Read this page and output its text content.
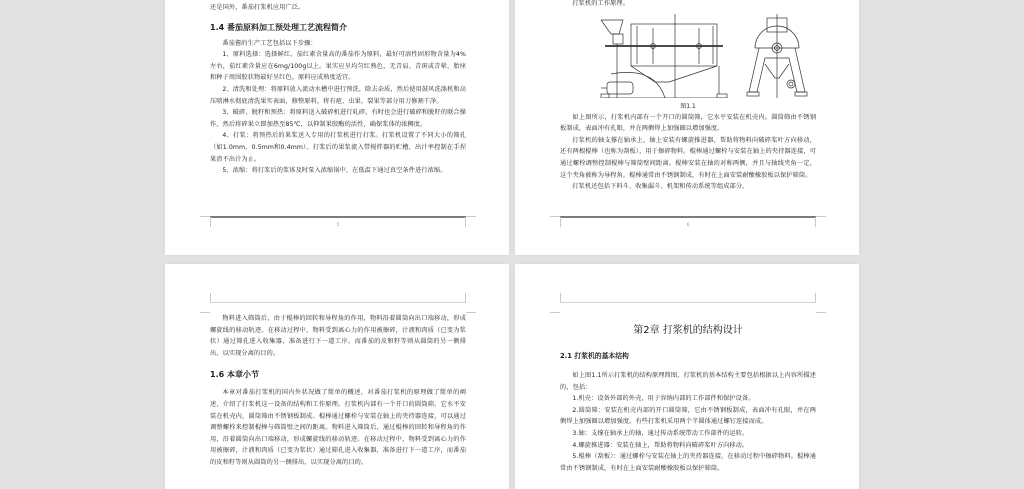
还是国外，番茄打浆机应用广泛。

1.4 番茄原料加工预处理工艺流程简介

番茄酱的生产工艺包括以下步骤：

1、原料选择：选择鲜红、茄红素含量高的番茄作为原料，最好可溶性固形物含量为4%左右，茄红素含量应在6mg/100g以上。果实应呈均匀红熟色，无青肩、青斑或青晕，胎座和种子周围胶状物最好呈红色。原料应成熟度适宜。

2、清洗和处理：将原料放入流动水槽中进行预洗，除去杂质，然后使用鼓风洗涤机和高压喷淋水彻底清洗果实表面，修整原料，将有疤、虫果、裂果等部分用刀修割干净。

3、破碎、脱籽和预热：将原料送入破碎机进行轧碎，有时也会进行破碎和脱籽的联合操作，然后将碎果立即加热至85℃，以抑制果胶酶的活性，确保浆体的浓稠度。

4、打浆：将预热后的果浆送入专用的打浆机进行打浆。打浆机设置了不同大小的筛孔（如1.0mm、0.5mm和0.4mm）。打浆后的果浆流入带搅拌器的贮槽，出汁率控制在手捏果渣不出汁为止。

5、浓缩：将打浆后的浆体及时泵入浓缩锅中，在低温下通过真空条件进行浓缩。

5

打浆机的工作原理。

图1.1

如上图所示，打浆机内部有一个开口的圆筒筛，它水平安装在机壳内。圆筒筛由不锈钢板制成，表面冲有孔眼，并在两侧焊上加强圈以增加强度。

打浆机的轴支撑在轴承上，轴上安装有螺旋推进器，帮助将物料向破碎桨叶方向移动，还有两根棍棒（也称为刮板），用于擦碎物料。棍棒通过螺栓与安装在轴上的夹持器连接，可通过螺栓调整控制棍棒与筛筒壁间距离。棍棒安装在轴的对称两侧，并且与轴线夹角一定，这个夹角被称为导程角。棍棒通常由不锈钢制成，有时在上面安装耐酸橡胶板以保护筛筒。

打浆机还包括下料斗、收集漏斗、机架和传动系统等组成部分。

6

物料进入筛筒后，由于棍棒的回转和导程角的作用，物料沿着圆筒向出口端移动，形成螺旋线的移动轨迹。在移动过程中，物料受到离心力的作用被擦碎，汁液和肉质（已变为浆状）通过筛孔进入收集器，准备进行下一道工序。而番茄的皮和籽等则从圆筒的另一侧排出，以实现分离的目的。

1.6 本章小节

本章对番茄打浆机的国内外状况做了简单的概述，对番茄打浆机的原理做了简单的阐述，介绍了打浆机这一设备的结构和工作原理。打浆机内部有一个开口的圆筒筛，它水平安装在机壳内，圆筒筛由不锈钢板制成。棍棒通过螺栓与安装在轴上的夹持器连接，可以通过调整螺栓来控制棍棒与筛筒壁之间的距离。物料进入筛筒后，通过棍棒的回转和导程角的作用，沿着圆筒向出口端移动，形成螺旋线的移动轨迹。在移动过程中，物料受到离心力的作用被擦碎，汁液和肉质（已变为浆状）通过筛孔进入收集器，准备进行下一道工序，而番茄的皮和籽等则从圆筒的另一侧排出，以实现分离的目的。

第2章 打浆机的结构设计

2.1 打浆机的基本结构

如上图1.1所示打浆机的结构原理简图，打浆机的基本结构主要包括根据以上内容所描述的，包括：

1.机壳：设备外部的外壳，用于容纳内部的工作部件和保护设备。

2.圆筒筛：安装在机壳内部的开口圆筒筛，它由不锈钢板制成，表面冲有孔眼，并在两侧焊上加强圈以增加强度。有些打浆机采用两个半圆体通过螺钉连接而成。

3.轴：支撑在轴承上的轴，通过传动系统带动工作部件的运转。

4.螺旋推进器：安装在轴上，帮助将物料向破碎桨叶方向移动。

5.棍棒（刮板）：通过螺栓与安装在轴上的夹持器连接，在移动过程中擦碎物料。棍棒通常由不锈钢制成，有时在上面安装耐酸橡胶板以保护筛筒。
